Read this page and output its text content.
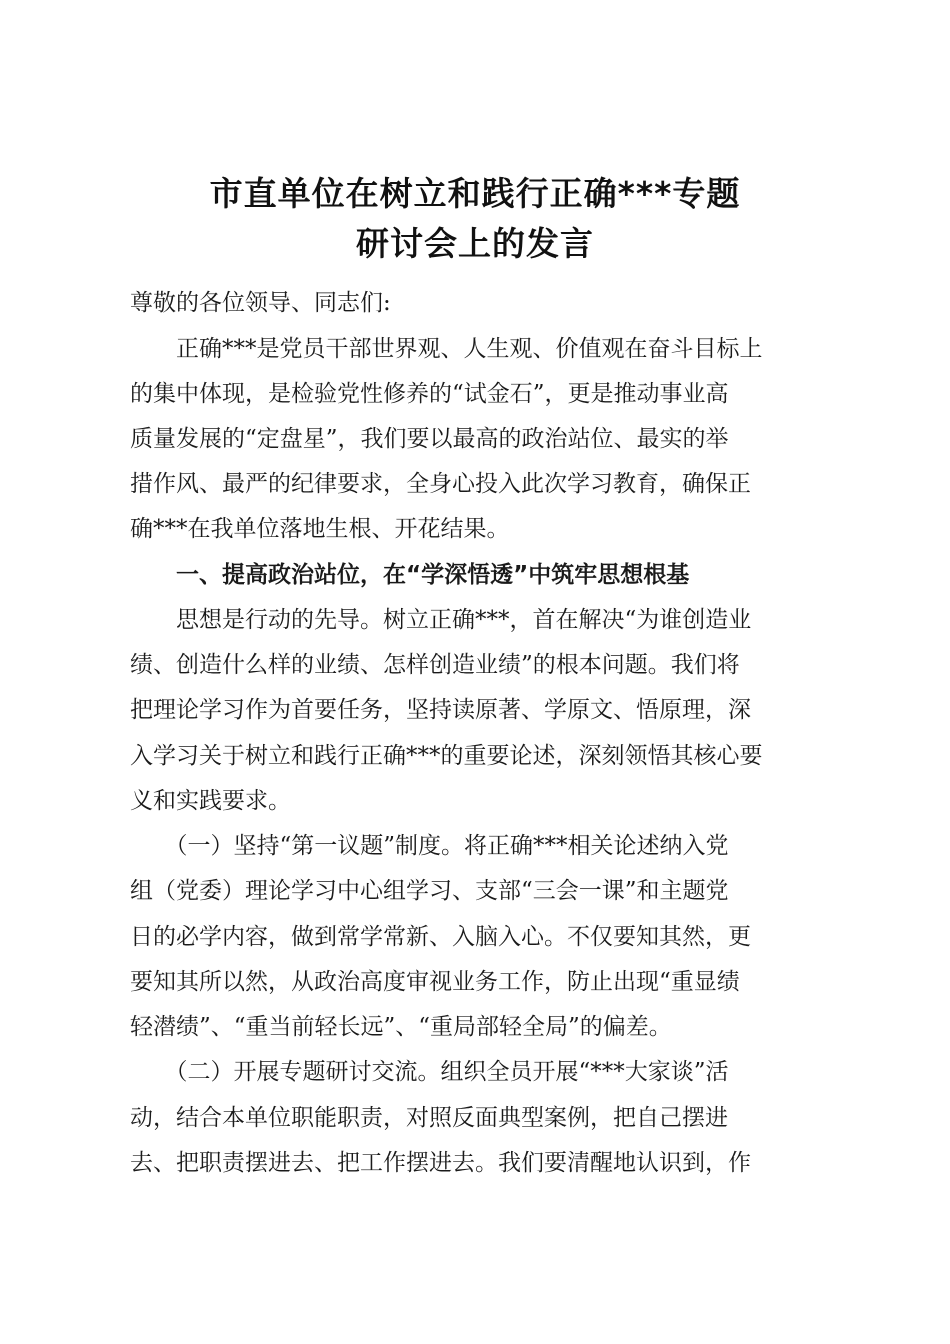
市直单位在树立和践行正确***专题
研讨会上的发言
尊敬的各位领导、同志们:
　　正确***是党员干部世界观、人生观、价值观在奋斗目标上
的集中体现，是检验党性修养的“试金石”，更是推动事业高
质量发展的“定盘星”，我们要以最高的政治站位、最实的举
措作风、最严的纪律要求，全身心投入此次学习教育，确保正
确***在我单位落地生根、开花结果。
　　一、提高政治站位，在“学深悟透”中筑牢思想根基
　　思想是行动的先导。树立正确***，首在解决“为谁创造业
绩、创造什么样的业绩、怎样创造业绩”的根本问题。我们将
把理论学习作为首要任务，坚持读原著、学原文、悟原理，深
入学习关于树立和践行正确***的重要论述，深刻领悟其核心要
义和实践要求。
　　（一）坚持“第一议题”制度。将正确***相关论述纳入党
组（党委）理论学习中心组学习、支部“三会一课”和主题党
日的必学内容，做到常学常新、入脑入心。不仅要知其然，更
要知其所以然，从政治高度审视业务工作，防止出现“重显绩
轻潜绩”、“重当前轻长远”、“重局部轻全局”的偏差。
　　（二）开展专题研讨交流。组织全员开展“***大家谈”活
动，结合本单位职能职责，对照反面典型案例，把自己摆进
去、把职责摆进去、把工作摆进去。我们要清醒地认识到，作
